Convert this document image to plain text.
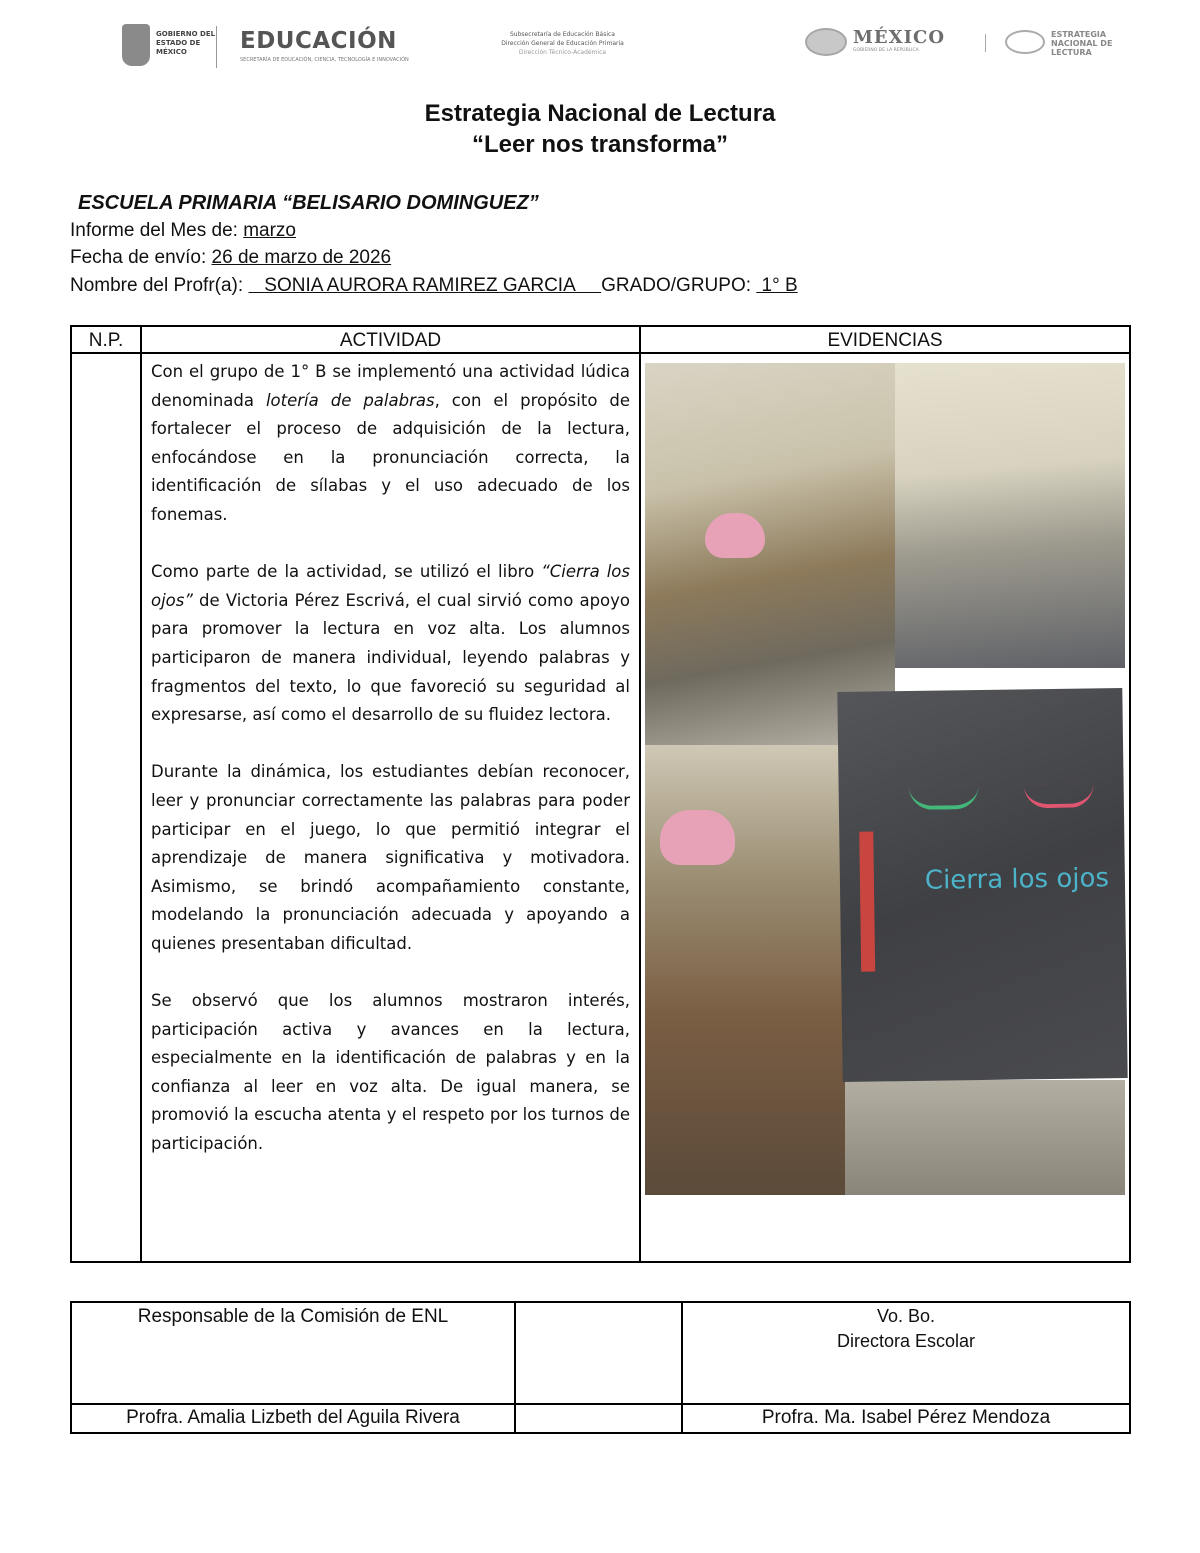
GOBIERNO DEL
ESTADO DE
MÉXICO	EDUCACIÓN
SECRETARÍA DE EDUCACIÓN, CIENCIA, TECNOLOGÍA E INNOVACIÓN
Subsecretaría de Educación Básica
Dirección General de Educación Primaria
Dirección Técnico-Académica
MÉXICO
GOBIERNO DE LA REPÚBLICA
ESTRATEGIA
NACIONAL DE
LECTURA
Estrategia Nacional de Lectura
“Leer nos transforma”
ESCUELA PRIMARIA “BELISARIO DOMINGUEZ”
Informe del Mes de: marzo
Fecha de envío: 26 de marzo de 2026
Nombre del Profr(a):    SONIA AURORA RAMIREZ GARCIA     GRADO/GRUPO:  1° B
N.P.	ACTIVIDAD	EVIDENCIAS

Con el grupo de 1° B se implementó una actividad lúdica denominada lotería de palabras, con el propósito de fortalecer el proceso de adquisición de la lectura, enfocándose en la pronunciación correcta, la identificación de sílabas y el uso adecuado de los fonemas.

Como parte de la actividad, se utilizó el libro “Cierra los ojos” de Victoria Pérez Escrivá, el cual sirvió como apoyo para promover la lectura en voz alta. Los alumnos participaron de manera individual, leyendo palabras y fragmentos del texto, lo que favoreció su seguridad al expresarse, así como el desarrollo de su fluidez lectora.

Durante la dinámica, los estudiantes debían reconocer, leer y pronunciar correctamente las palabras para poder participar en el juego, lo que permitió integrar el aprendizaje de manera significativa y motivadora. Asimismo, se brindó acompañamiento constante, modelando la pronunciación adecuada y apoyando a quienes presentaban dificultad.

Se observó que los alumnos mostraron interés, participación activa y avances en la lectura, especialmente en la identificación de palabras y en la confianza al leer en voz alta. De igual manera, se promovió la escucha atenta y el respeto por los turnos de participación.

Cierra los ojos
Responsable de la Comisión de ENL	Vo. Bo.
Directora Escolar
Profra. Amalia Lizbeth del Aguila Rivera	Profra. Ma. Isabel Pérez Mendoza
